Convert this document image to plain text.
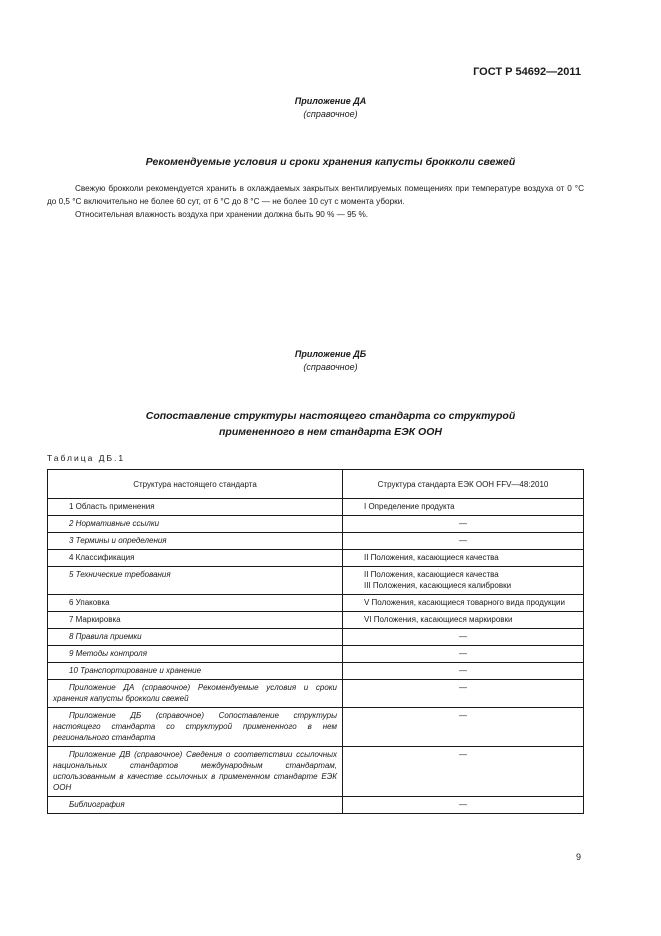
ГОСТ Р 54692—2011
Приложение ДА
(справочное)
Рекомендуемые условия и сроки хранения капусты брокколи свежей
Свежую брокколи рекомендуется хранить в охлаждаемых закрытых вентилируемых помещениях при температуре воздуха от 0 °С до 0,5 °С включительно не более 60 сут, от 6 °С до 8 °С — не более 10 сут с момента уборки.
Относительная влажность воздуха при хранении должна быть 90 % — 95 %.
Приложение ДБ
(справочное)
Сопоставление структуры настоящего стандарта со структурой
примененного в нем стандарта ЕЭК ООН
Таблица ДБ.1
Структура настоящего стандарта	Структура стандарта ЕЭК ООН FFV—48:2010
1 Область применения	I Определение продукта
2 Нормативные ссылки	—
3 Термины и определения	—
4 Классификация	II Положения, касающиеся качества
5 Технические требования	II Положения, касающиеся качества
III Положения, касающиеся калибровки

6 Упаковка	V Положения, касающиеся товарного вида продукции
7 Маркировка	VI Положения, касающиеся маркировки
8 Правила приемки	—
9 Методы контроля	—
10 Транспортирование и хранение	—
Приложение ДА (справочное) Рекомендуемые условия и сроки хранения капусты брокколи свежей	—
Приложение ДБ (справочное) Сопоставление структуры настоящего стандарта со структурой примененного в нем регионального стандарта	—
Приложение ДВ (справочное) Сведения о соответствии ссылочных национальных стандартов международным стандартам, использованным в качестве ссылочных в примененном стандарте ЕЭК ООН	—
Библиография	—
9
